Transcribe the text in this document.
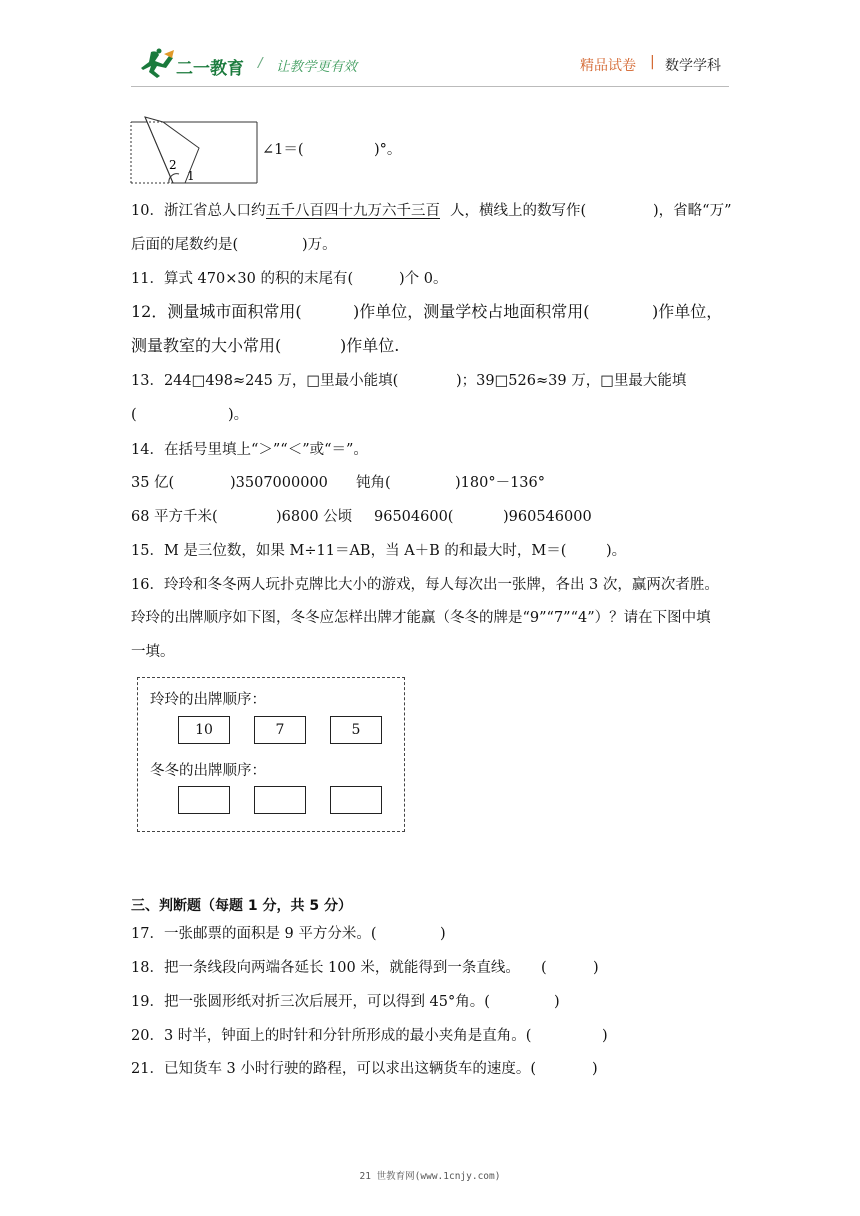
二一教育 / 让教学更有效	精品试卷 | 数学学科
2
1
∠1＝(	)°。
10．浙江省总人口约 五千八百四十九万六千三百 人，横线上的数写作(	)，省略“万”
后面的尾数约是(	)万。
11．算式 470×30 的积的末尾有(	)个 0。
12．测量城市面积常用(	)作单位，测量学校占地面积常用(	)作单位，
测量教室的大小常用(	)作单位.
13．244□498≈245 万，□里最小能填(	)；39□526≈39 万，□里最大能填
(	)。
14．在括号里填上“＞”“＜”或“＝”。
35 亿(	)3507000000 钝角(	)180°－136°
68 平方千米(	)6800 公顷 96504600(	)960546000
15．M 是三位数，如果 M÷11＝AB，当 A＋B 的和最大时，M＝(	)。
16．玲玲和冬冬两人玩扑克牌比大小的游戏，每人每次出一张牌，各出 3 次，赢两次者胜。
玲玲的出牌顺序如下图，冬冬应怎样出牌才能赢（冬冬的牌是“9”“7”“4”）？请在下图中填
一填。
玲玲的出牌顺序：
10	7	5
冬冬的出牌顺序：
三、判断题（每题 1 分，共 5 分）
17．一张邮票的面积是 9 平方分米。(	)
18．把一条线段向两端各延长 100 米，就能得到一条直线。 (	)
19．把一张圆形纸对折三次后展开，可以得到 45°角。(	)
20．3 时半，钟面上的时针和分针所形成的最小夹角是直角。(	)
21．已知货车 3 小时行驶的路程，可以求出这辆货车的速度。(	)
21 世教育网(www.1cnjy.com)
